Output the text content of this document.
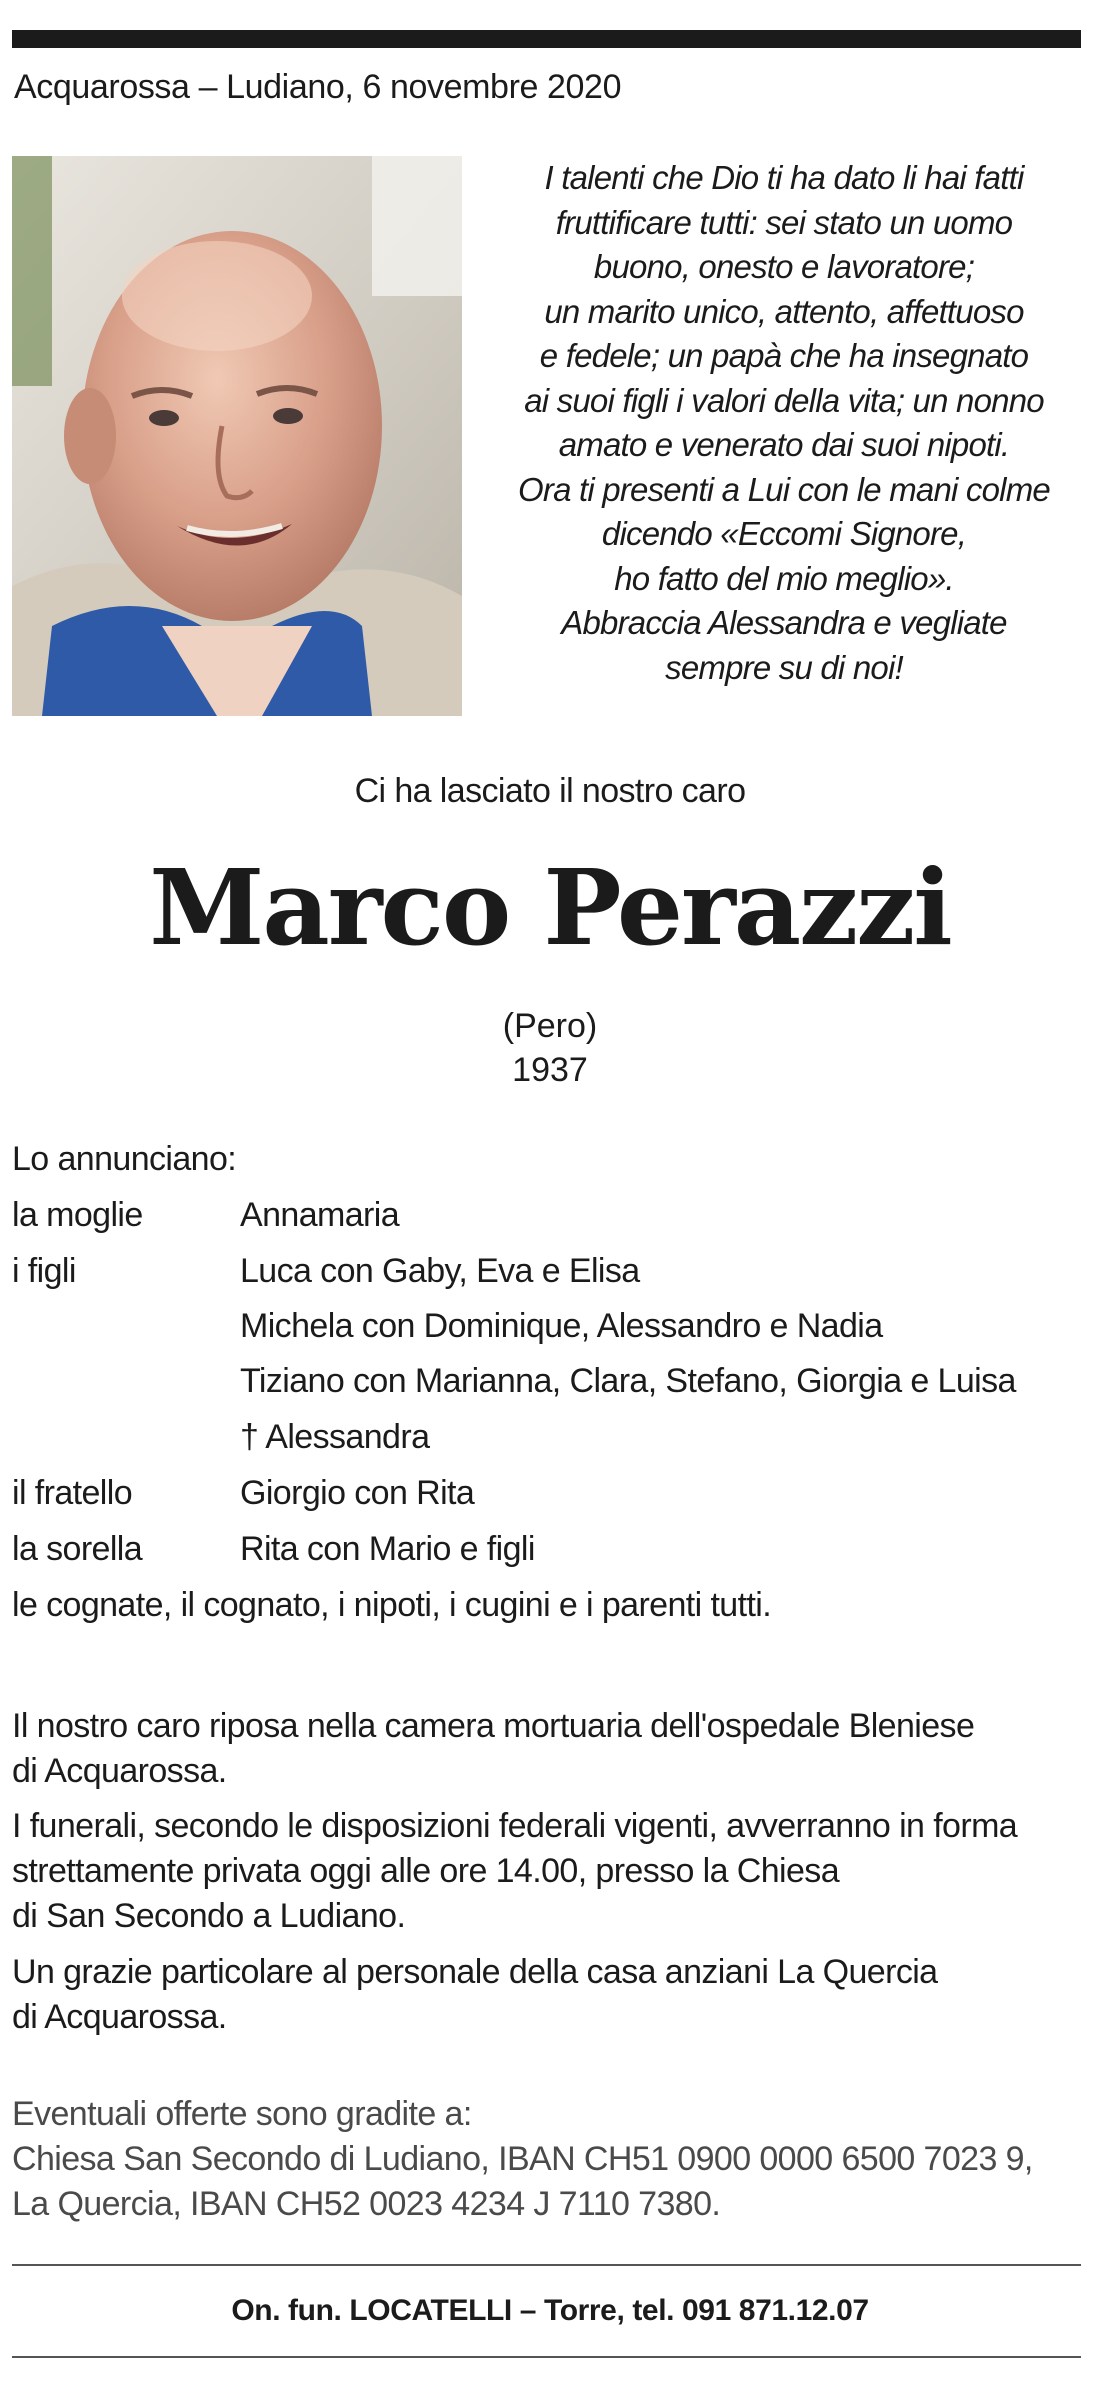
Acquarossa – Ludiano, 6 novembre 2020
I talenti che Dio ti ha dato li hai fatti
fruttificare tutti: sei stato un uomo
buono, onesto e lavoratore;
un marito unico, attento, affettuoso
e fedele; un papà che ha insegnato
ai suoi figli i valori della vita; un nonno
amato e venerato dai suoi nipoti.
Ora ti presenti a Lui con le mani colme
dicendo «Eccomi Signore,
ho fatto del mio meglio».
Abbraccia Alessandra e vegliate
sempre su di noi!
Ci ha lasciato il nostro caro
Marco Perazzi
(Pero)
1937
Lo annunciano:
la moglie	Annamaria
i figli	Luca con Gaby, Eva e Elisa
Michela con Dominique, Alessandro e Nadia
Tiziano con Marianna, Clara, Stefano, Giorgia e Luisa
† Alessandra
il fratello	Giorgio con Rita
la sorella	Rita con Mario e figli
le cognate, il cognato, i nipoti, i cugini e i parenti tutti.
Il nostro caro riposa nella camera mortuaria dell'ospedale Bleniese
di Acquarossa.
I funerali, secondo le disposizioni federali vigenti, avverranno in forma
strettamente privata oggi alle ore 14.00, presso la Chiesa
di San Secondo a Ludiano.
Un grazie particolare al personale della casa anziani La Quercia
di Acquarossa.
Eventuali offerte sono gradite a:
Chiesa San Secondo di Ludiano, IBAN CH51 0900 0000 6500 7023 9,
La Quercia, IBAN CH52 0023 4234 J 7110 7380.
On. fun. LOCATELLI – Torre, tel. 091 871.12.07
